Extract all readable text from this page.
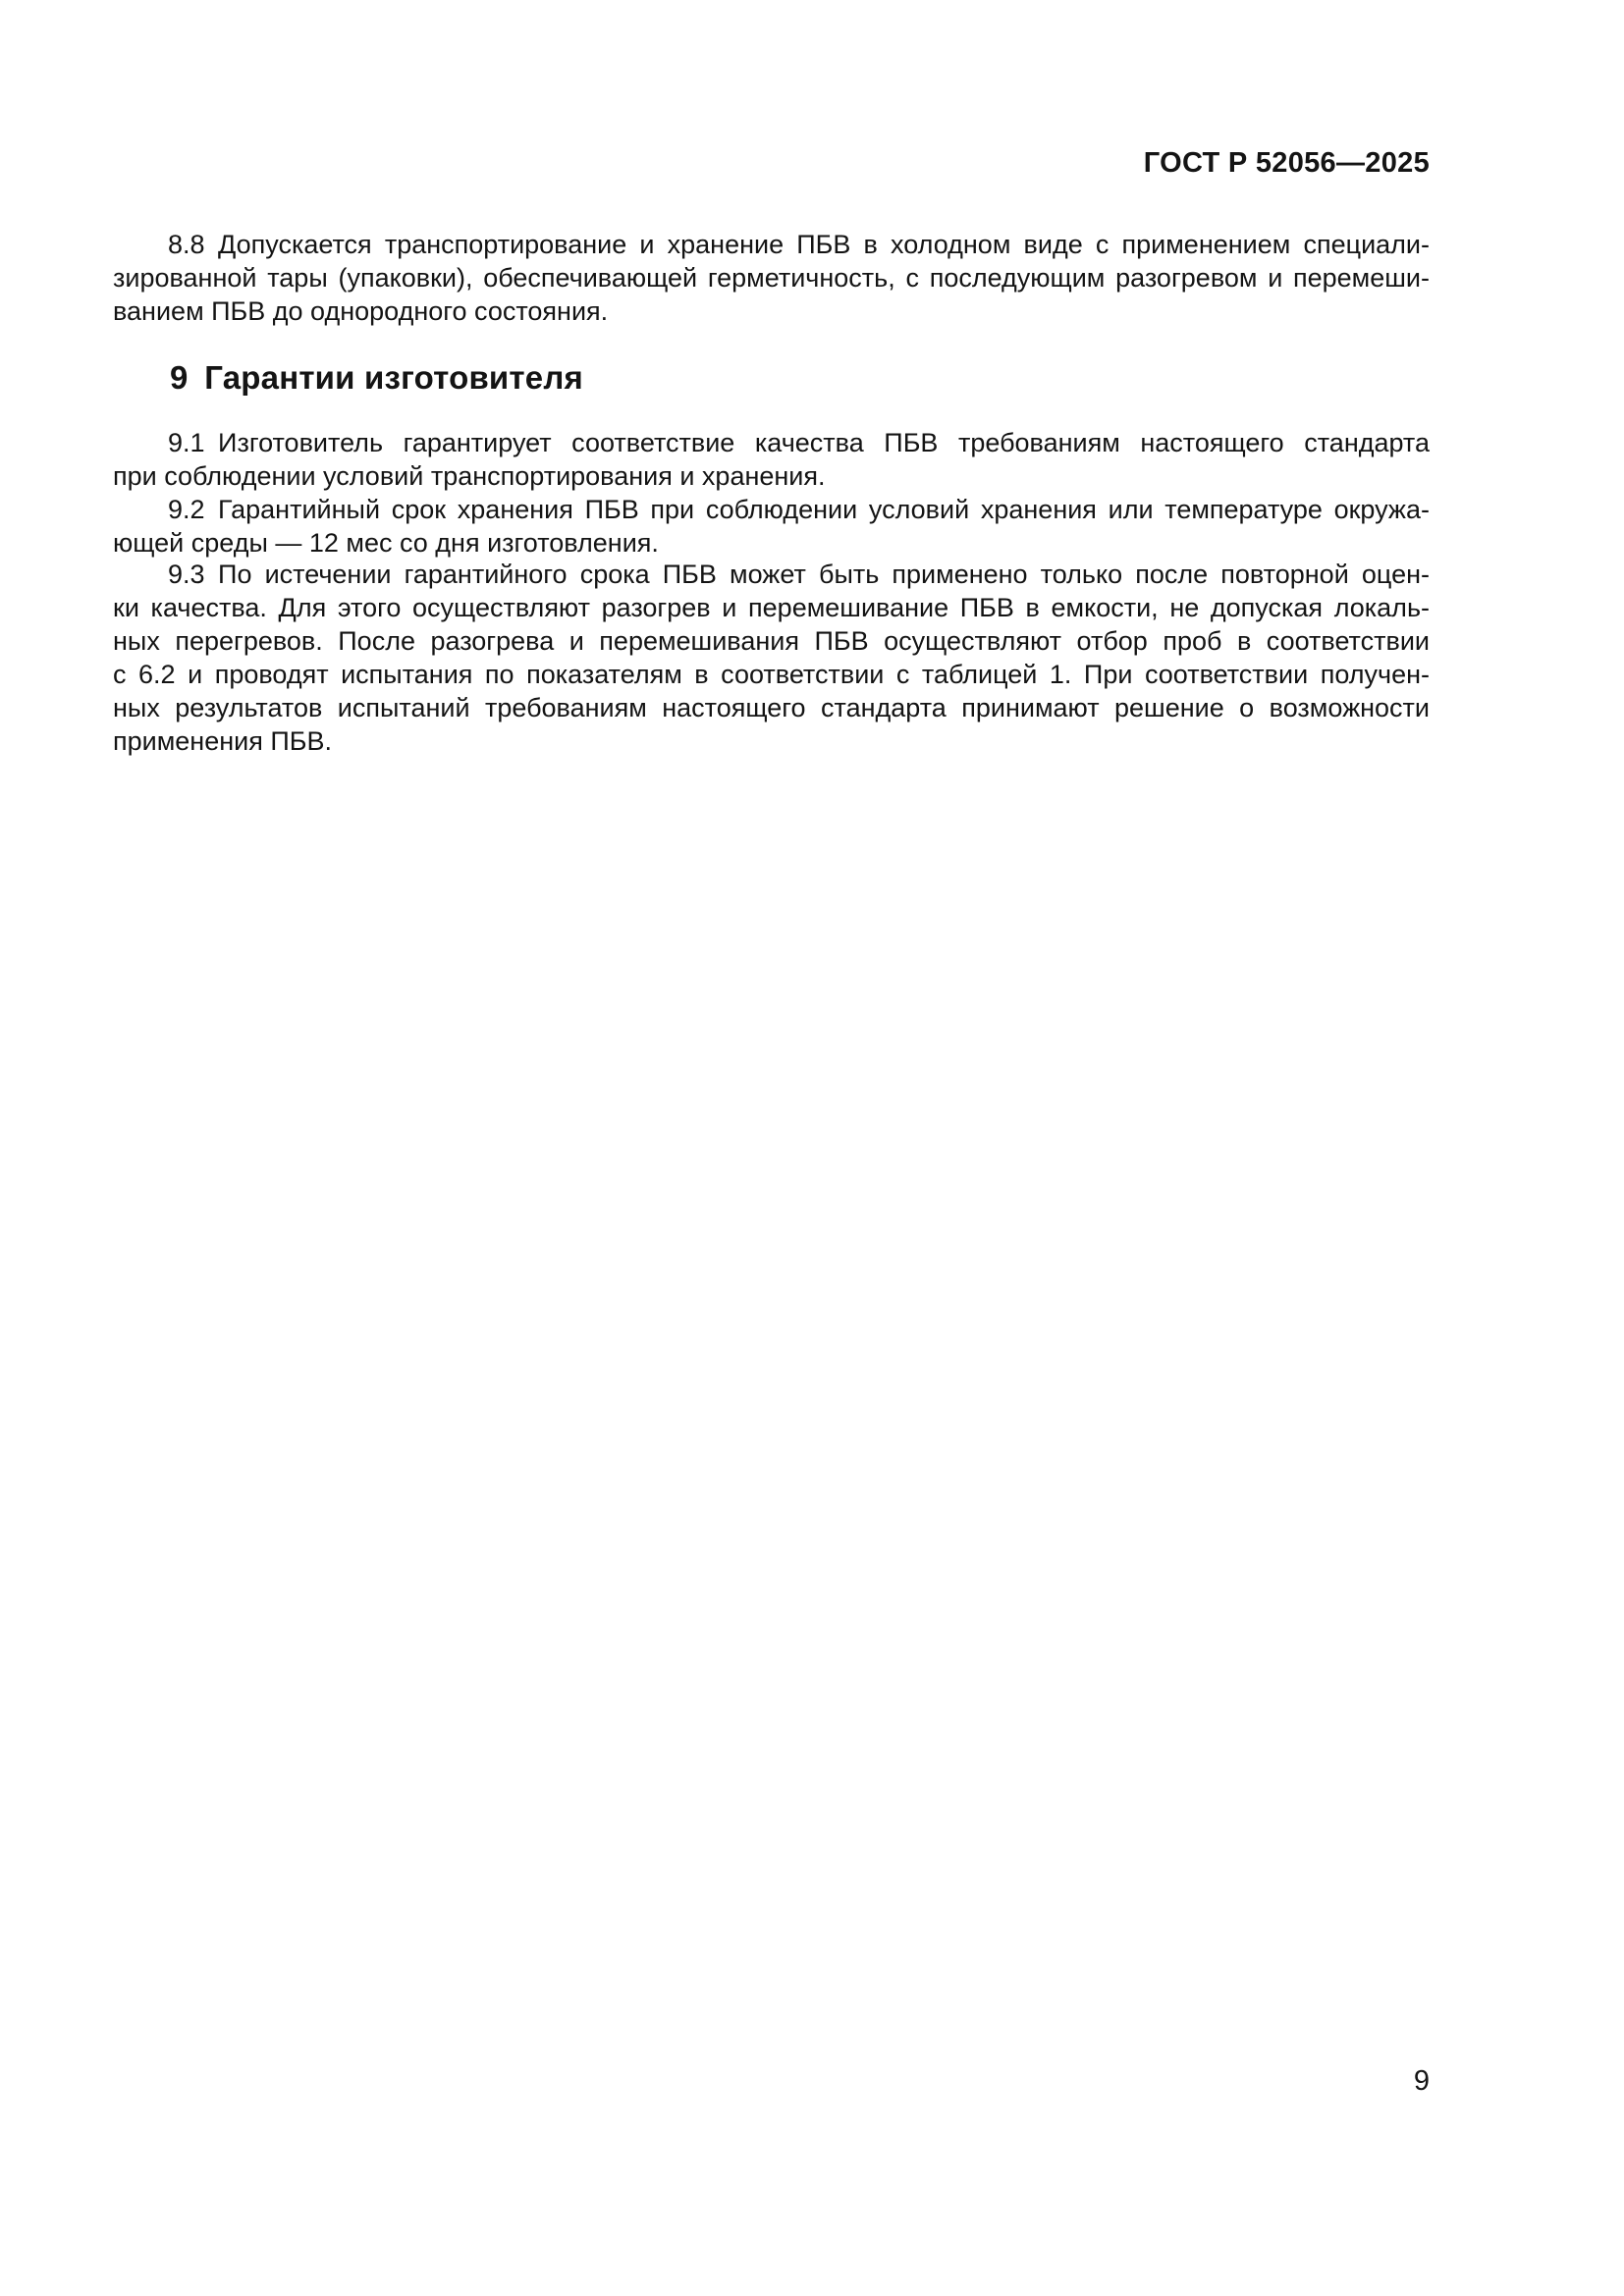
ГОСТ Р 52056—2025
8.8 Допускается транспортирование и хранение ПБВ в холодном виде с применением специали-
зированной тары (упаковки), обеспечивающей герметичность, с последующим разогревом и перемеши-
ванием ПБВ до однородного состояния.
9 Гарантии изготовителя
9.1 Изготовитель гарантирует соответствие качества ПБВ требованиям настоящего стандарта
при соблюдении условий транспортирования и хранения.
9.2 Гарантийный срок хранения ПБВ при соблюдении условий хранения или температуре окружа-
ющей среды — 12 мес со дня изготовления.
9.3 По истечении гарантийного срока ПБВ может быть применено только после повторной оцен-
ки качества. Для этого осуществляют разогрев и перемешивание ПБВ в емкости, не допуская локаль-
ных перегревов. После разогрева и перемешивания ПБВ осуществляют отбор проб в соответствии
с 6.2 и проводят испытания по показателям в соответствии с таблицей 1. При соответствии получен-
ных результатов испытаний требованиям настоящего стандарта принимают решение о возможности
применения ПБВ.
9
